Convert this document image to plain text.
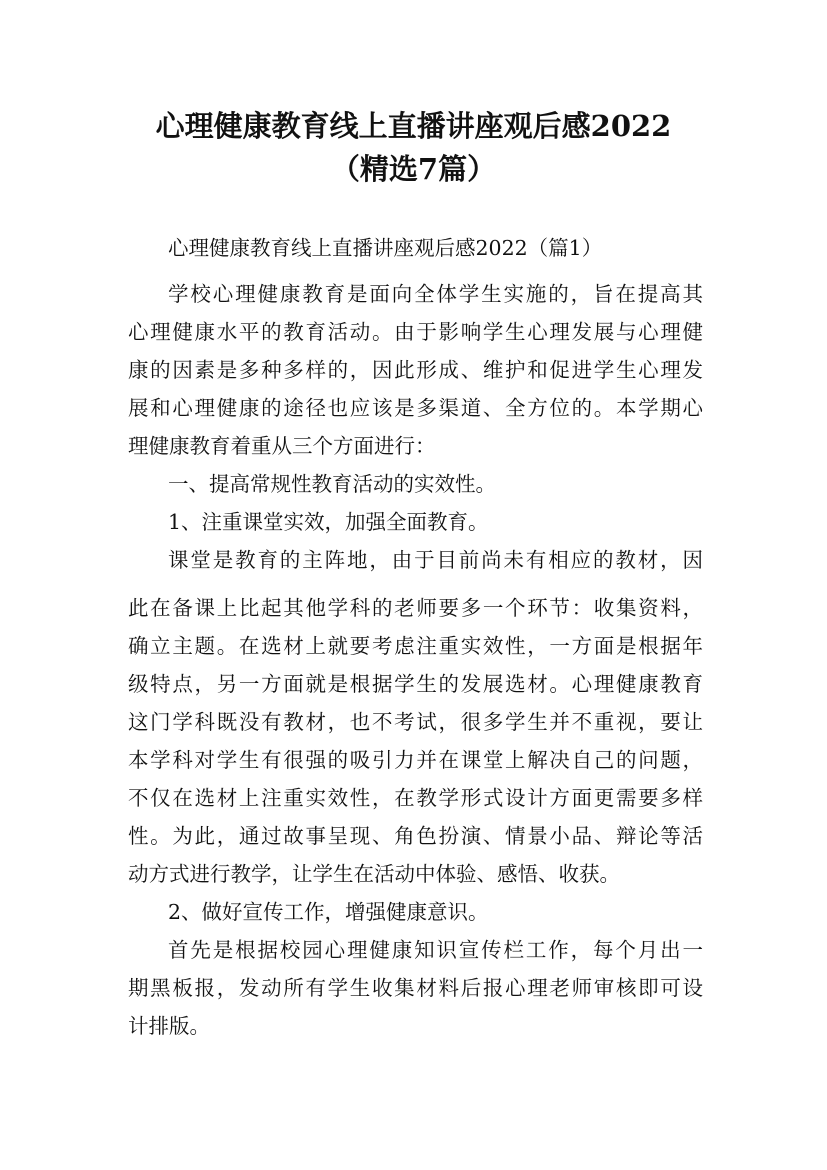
心理健康教育线上直播讲座观后感2022
（精选7篇）
心理健康教育线上直播讲座观后感2022（篇1）
学校心理健康教育是面向全体学生实施的，旨在提高其
心理健康水平的教育活动。由于影响学生心理发展与心理健
康的因素是多种多样的，因此形成、维护和促进学生心理发
展和心理健康的途径也应该是多渠道、全方位的。本学期心
理健康教育着重从三个方面进行：
一、提高常规性教育活动的实效性。
1、注重课堂实效，加强全面教育。
课堂是教育的主阵地，由于目前尚未有相应的教材，因
此在备课上比起其他学科的老师要多一个环节：收集资料，
确立主题。在选材上就要考虑注重实效性，一方面是根据年
级特点，另一方面就是根据学生的发展选材。心理健康教育
这门学科既没有教材，也不考试，很多学生并不重视，要让
本学科对学生有很强的吸引力并在课堂上解决自己的问题，
不仅在选材上注重实效性，在教学形式设计方面更需要多样
性。为此，通过故事呈现、角色扮演、情景小品、辩论等活
动方式进行教学，让学生在活动中体验、感悟、收获。
2、做好宣传工作，增强健康意识。
首先是根据校园心理健康知识宣传栏工作，每个月出一
期黑板报，发动所有学生收集材料后报心理老师审核即可设
计排版。
